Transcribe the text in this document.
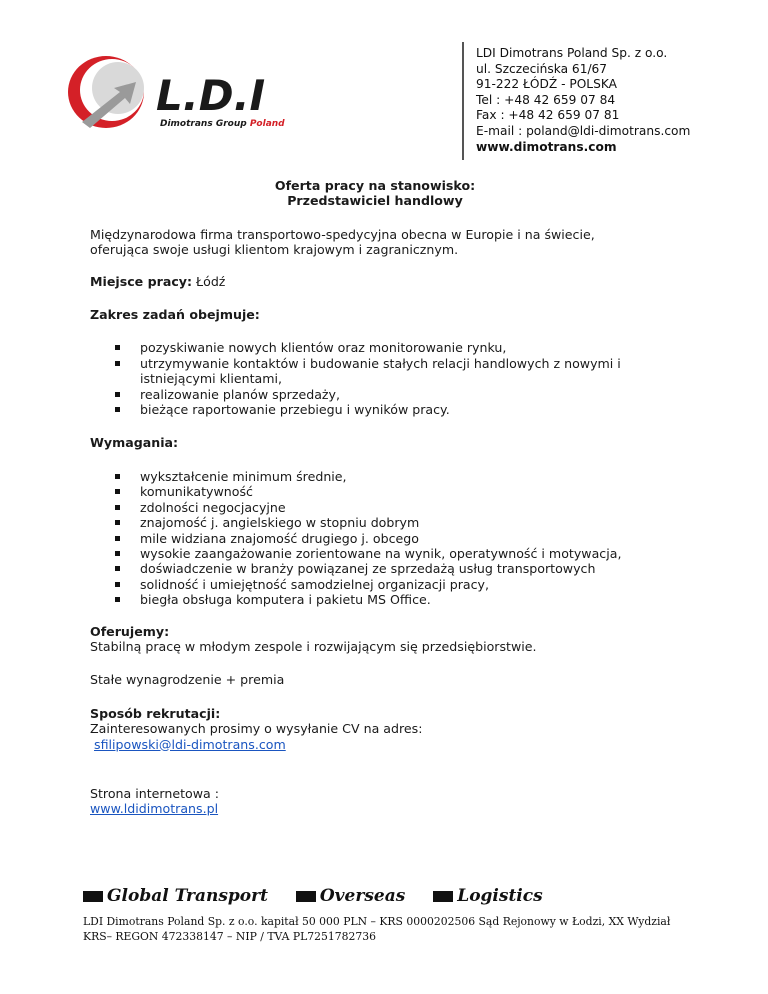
L.D.I
Dimotrans Group Poland
LDI Dimotrans Poland Sp. z o.o.
ul. Szczecińska 61/67
91-222 ŁÓDŹ - POLSKA
Tel : +48 42 659 07 84
Fax : +48 42 659 07 81
E-mail : poland@ldi-dimotrans.com
www.dimotrans.com
Oferta pracy na stanowisko:
Przedstawiciel handlowy

Międzynarodowa firma transportowo-spedycyjna obecna w Europie i na świecie, oferująca swoje usługi klientom krajowym i zagranicznym.

Miejsce pracy: Łódź

Zakres zadań obejmuje:

pozyskiwanie nowych klientów oraz monitorowanie rynku,
utrzymywanie kontaktów i budowanie stałych relacji handlowych z nowymi i istniejącymi klientami,
realizowanie planów sprzedaży,
bieżące raportowanie przebiegu i wyników pracy.

Wymagania:

wykształcenie minimum średnie,
komunikatywność
zdolności negocjacyjne
znajomość j. angielskiego w stopniu dobrym
mile widziana znajomość drugiego j. obcego
wysokie zaangażowanie zorientowane na wynik, operatywność i motywacja,
doświadczenie w branży powiązanej ze sprzedażą usług transportowych
solidność i umiejętność samodzielnej organizacji pracy,
biegła obsługa komputera i pakietu MS Office.

Oferujemy:

Stabilną pracę w młodym zespole i rozwijającym się przedsiębiorstwie.

Stałe wynagrodzenie + premia

Sposób rekrutacji:

Zainteresowanych prosimy o wysyłanie CV na adres:

sfilipowski@ldi-dimotrans.com

Strona internetowa :

www.ldidimotrans.pl

Global Transport
	Overseas
	Logistics
LDI Dimotrans Poland Sp. z o.o. kapitał 50 000 PLN – KRS 0000202506 Sąd Rejonowy w Łodzi, XX Wydział
KRS– REGON 472338147 – NIP / TVA PL7251782736
